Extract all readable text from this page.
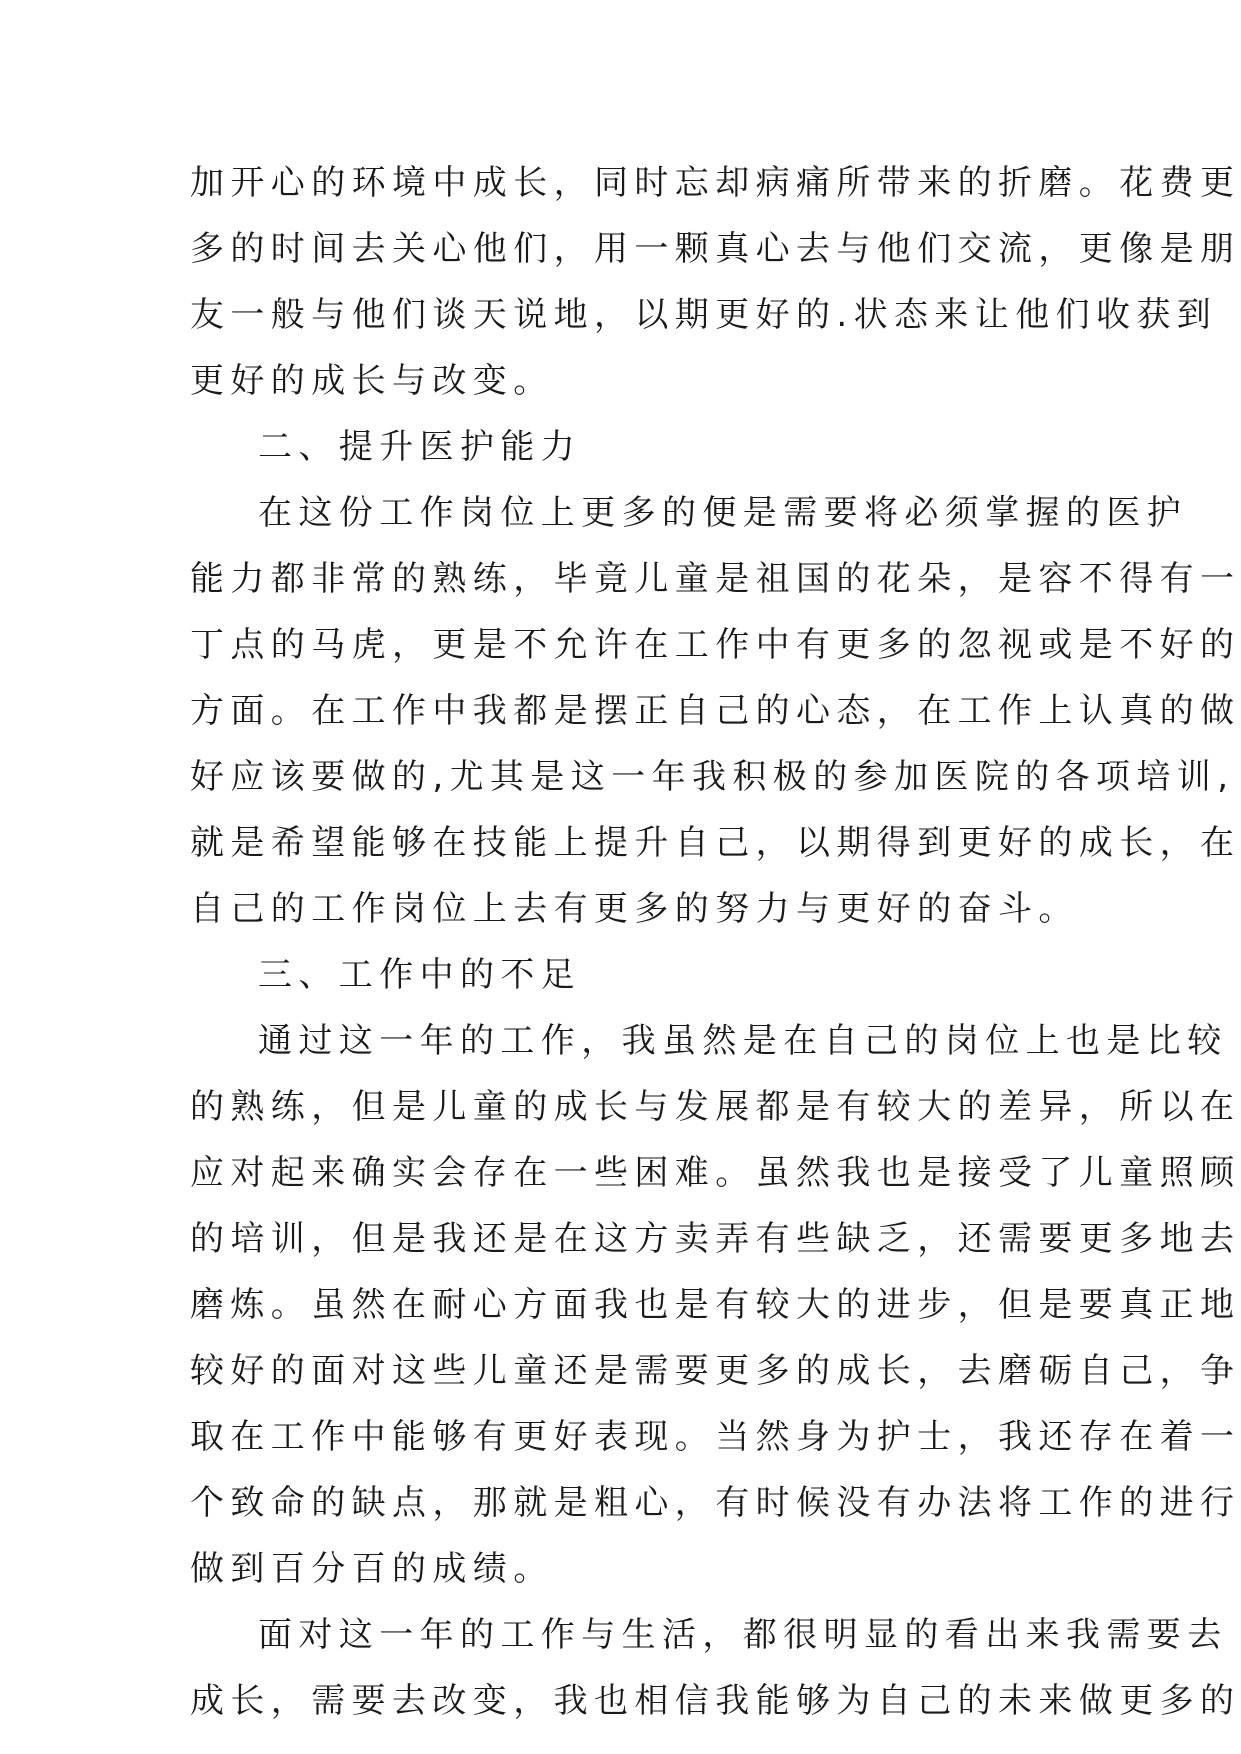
加开心的环境中成长，同时忘却病痛所带来的折磨。花费更
多的时间去关心他们，用一颗真心去与他们交流，更像是朋
友一般与他们谈天说地，以期更好的.状态来让他们收获到
更好的成长与改变。
二、提升医护能力
在这份工作岗位上更多的便是需要将必须掌握的医护
能力都非常的熟练，毕竟儿童是祖国的花朵，是容不得有一
丁点的马虎，更是不允许在工作中有更多的忽视或是不好的
方面。在工作中我都是摆正自己的心态，在工作上认真的做
好应该要做的,尤其是这一年我积极的参加医院的各项培训,
就是希望能够在技能上提升自己，以期得到更好的成长，在
自己的工作岗位上去有更多的努力与更好的奋斗。
三、工作中的不足
通过这一年的工作，我虽然是在自己的岗位上也是比较
的熟练，但是儿童的成长与发展都是有较大的差异，所以在
应对起来确实会存在一些困难。虽然我也是接受了儿童照顾
的培训，但是我还是在这方卖弄有些缺乏，还需要更多地去
磨炼。虽然在耐心方面我也是有较大的进步，但是要真正地
较好的面对这些儿童还是需要更多的成长，去磨砺自己，争
取在工作中能够有更好表现。当然身为护士，我还存在着一
个致命的缺点，那就是粗心，有时候没有办法将工作的进行
做到百分百的成绩。
面对这一年的工作与生活，都很明显的看出来我需要去
成长，需要去改变，我也相信我能够为自己的未来做更多的
